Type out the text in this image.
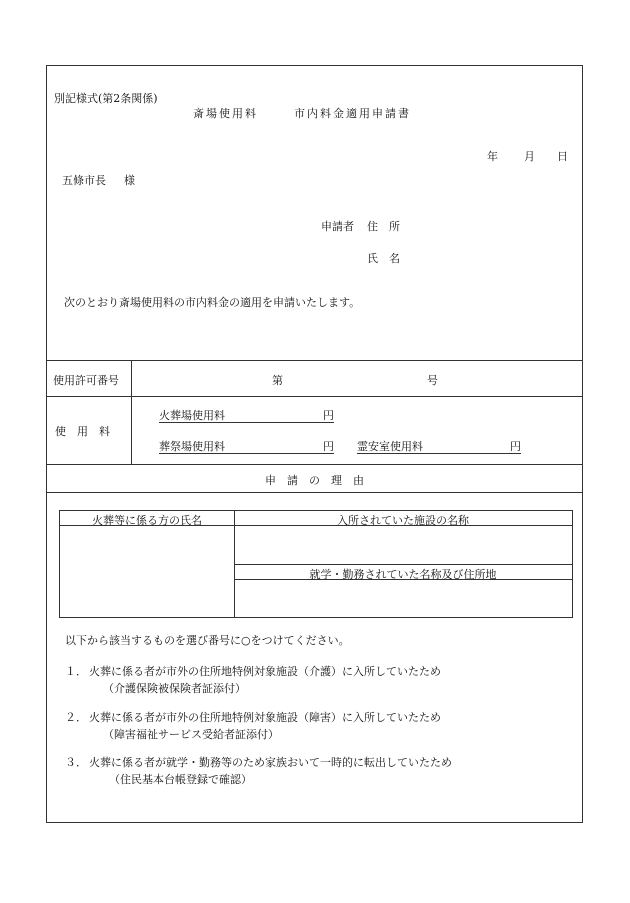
別記様式(第2条関係)
斎場使用料	市内料金適用申請書
年 月 日
五條市長 様
申請者 住　所
氏　名
次のとおり斎場使用料の市内料金の適用を申請いたします。
使用許可番号	第	号
使　用　料
火葬場使用料	円
葬祭場使用料	円 霊安室使用料	円
申　請　の　理　由
火葬等に係る方の氏名	入所されていた施設の名称
就学・勤務されていた名称及び住所地
以下から該当するものを選び番号に○をつけてください。
１． 火葬に係る者が市外の住所地特例対象施設（介護）に入所していたため
（介護保険被保険者証添付）
２． 火葬に係る者が市外の住所地特例対象施設（障害）に入所していたため
（障害福祉サービス受給者証添付）
３． 火葬に係る者が就学・勤務等のため家族おいて一時的に転出していたため
（住民基本台帳登録で確認）
